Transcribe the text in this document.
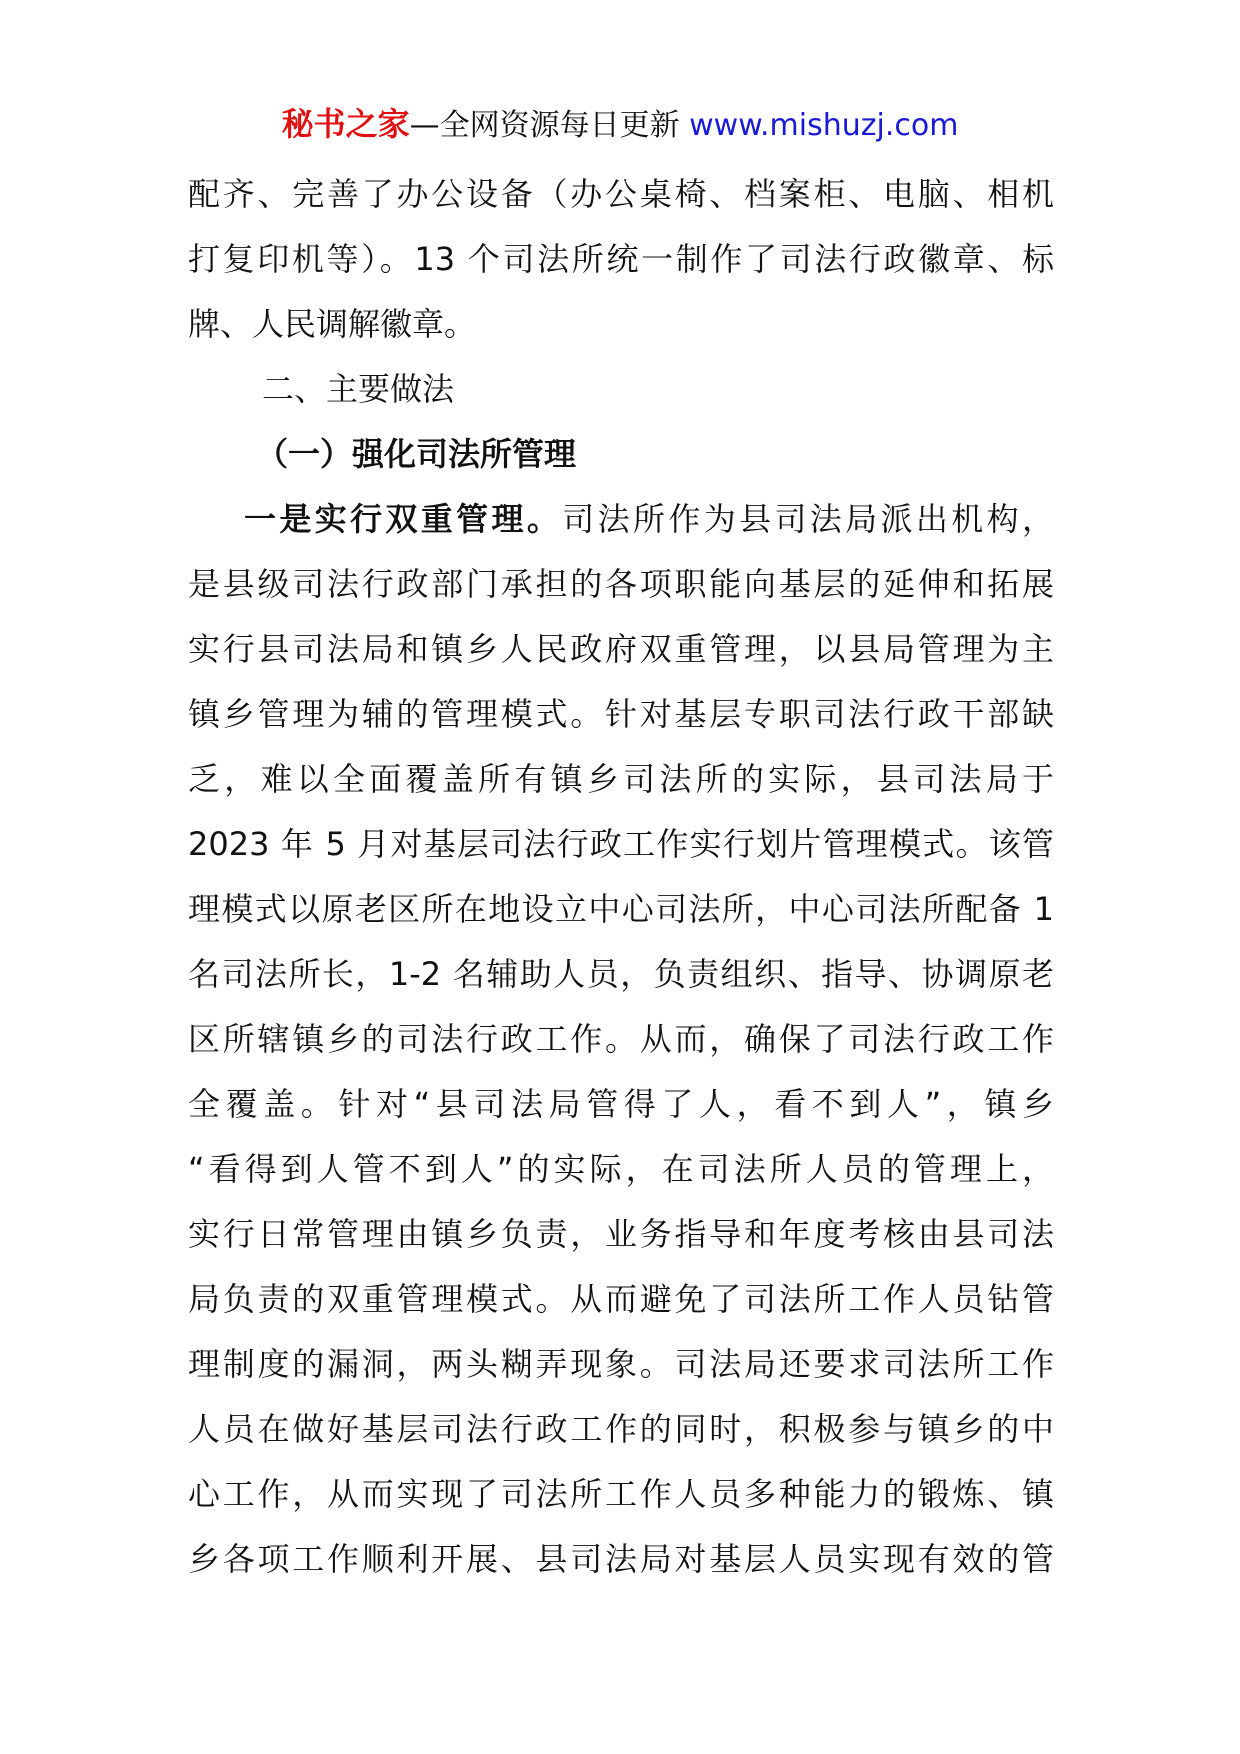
秘书之家—全网资源每日更新 www.mishuzj.com
配齐、完善了办公设备（办公桌椅、档案柜、电脑、相机
打复印机等）。13 个司法所统一制作了司法行政徽章、标
牌、人民调解徽章。
二、主要做法
（一）强化司法所管理
一是实行双重管理。司法所作为县司法局派出机构，
是县级司法行政部门承担的各项职能向基层的延伸和拓展
实行县司法局和镇乡人民政府双重管理，以县局管理为主
镇乡管理为辅的管理模式。针对基层专职司法行政干部缺
乏，难以全面覆盖所有镇乡司法所的实际，县司法局于
2023 年 5 月对基层司法行政工作实行划片管理模式。该管
理模式以原老区所在地设立中心司法所，中心司法所配备 1
名司法所长，1-2 名辅助人员，负责组织、指导、协调原老
区所辖镇乡的司法行政工作。从而，确保了司法行政工作
全覆盖。针对“县司法局管得了人，看不到人”，镇乡
“看得到人管不到人”的实际，在司法所人员的管理上，
实行日常管理由镇乡负责，业务指导和年度考核由县司法
局负责的双重管理模式。从而避免了司法所工作人员钻管
理制度的漏洞，两头糊弄现象。司法局还要求司法所工作
人员在做好基层司法行政工作的同时，积极参与镇乡的中
心工作，从而实现了司法所工作人员多种能力的锻炼、镇
乡各项工作顺利开展、县司法局对基层人员实现有效的管
